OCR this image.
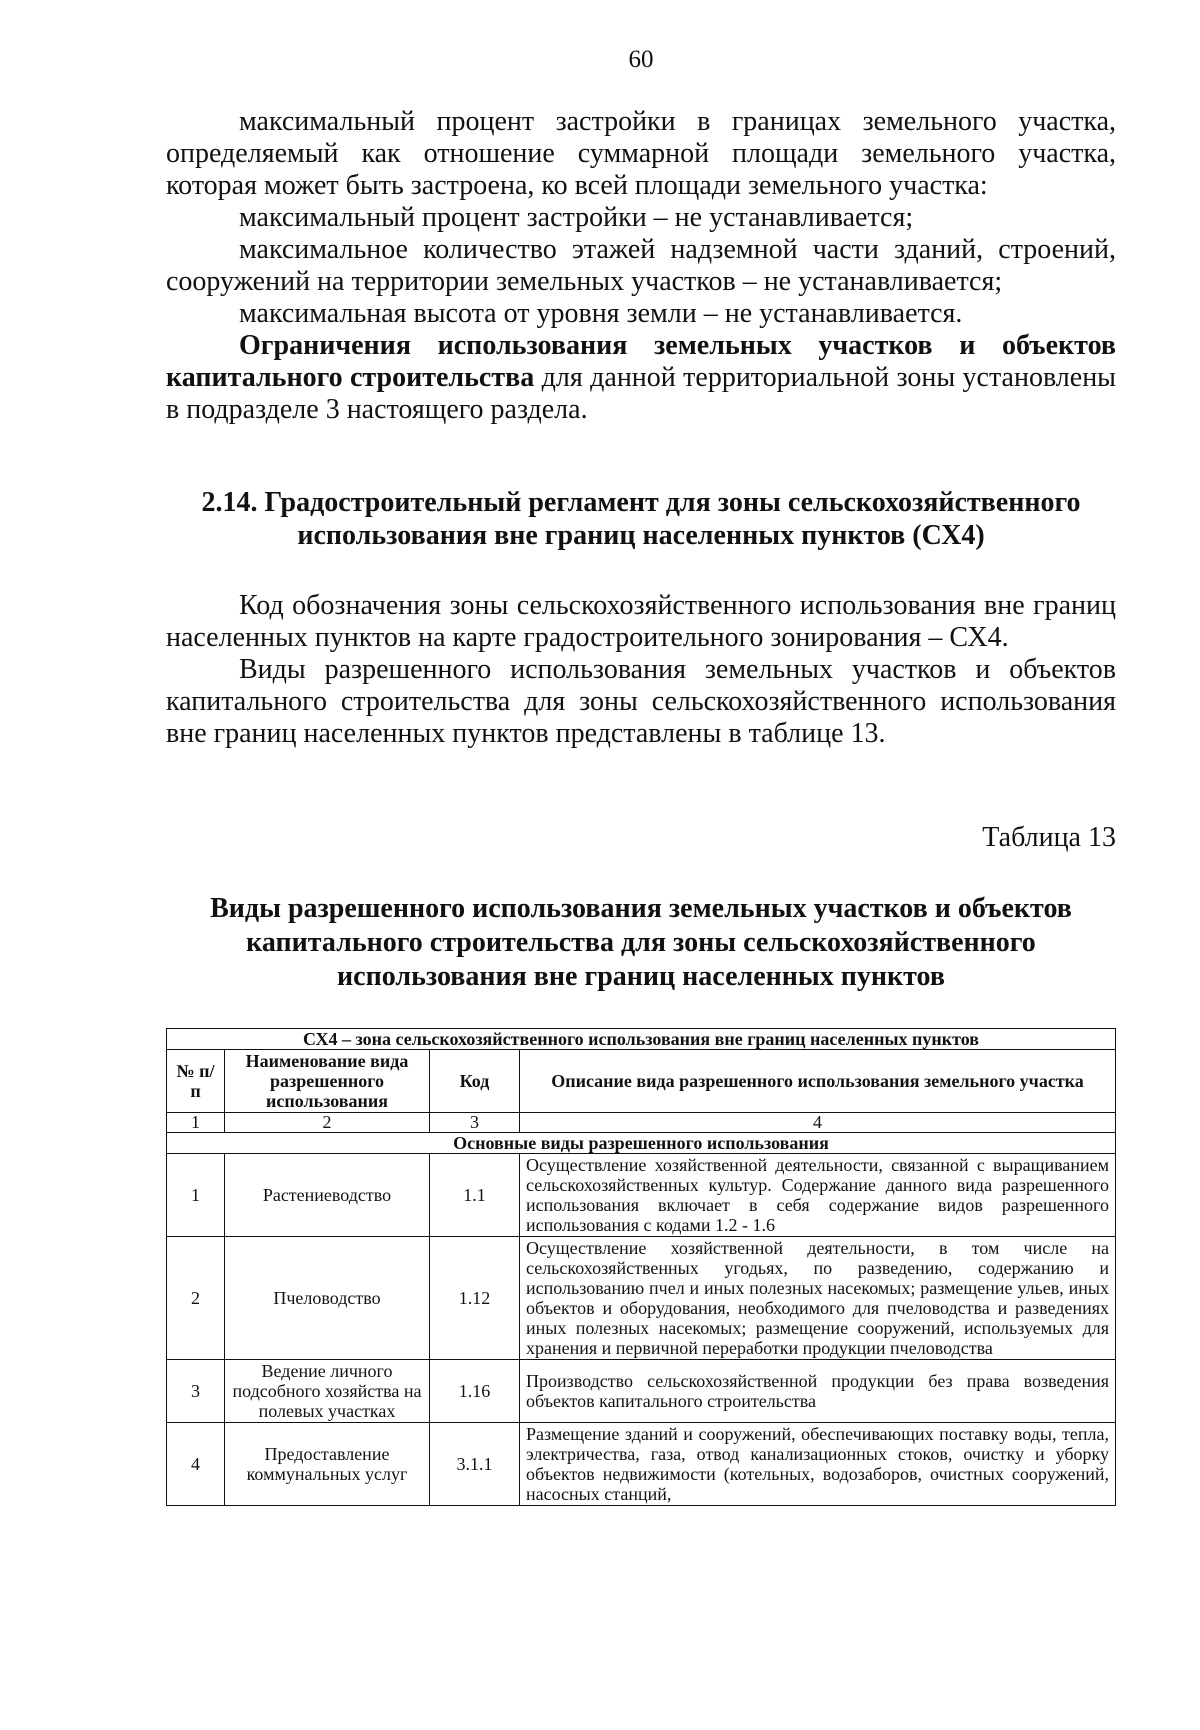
60

максимальный процент застройки в границах земельного участка, определяемый как отношение суммарной площади земельного участка, которая может быть застроена, ко всей площади земельного участка:

максимальный процент застройки – не устанавливается;

максимальное количество этажей надземной части зданий, строений, сооружений на территории земельных участков – не устанавливается;

максимальная высота от уровня земли – не устанавливается.

Ограничения использования земельных участков и объектов капитального строительства для данной территориальной зоны установлены в подразделе 3 настоящего раздела.

2.14. Градостроительный регламент для зоны сельскохозяйственного

использования вне границ населенных пунктов (СХ4)

Код обозначения зоны сельскохозяйственного использования вне границ населенных пунктов на карте градостроительного зонирования – СХ4.

Виды разрешенного использования земельных участков и объектов капитального строительства для зоны сельскохозяйственного использования вне границ населенных пунктов представлены в таблице 13.

Таблица 13

Виды разрешенного использования земельных участков и объектов

капитального строительства для зоны сельскохозяйственного

использования вне границ населенных пунктов

СХ4 – зона сельскохозяйственного использования вне границ населенных пунктов			
№ п/п	Наименование вида разрешенного использования	Код	Описание вида разрешенного использования земельного участка
1	2	3	4
Основные виды разрешенного использования			
1	Растениеводство	1.1	Осуществление хозяйственной деятельности, связанной с выращиванием сельскохозяйственных культур. Содержание данного вида разрешенного использования включает в себя содержание видов разрешенного использования с кодами 1.2 - 1.6
2	Пчеловодство	1.12	Осуществление хозяйственной деятельности, в том числе на сельскохозяйственных угодьях, по разведению, содержанию и использованию пчел и иных полезных насекомых; размещение ульев, иных объектов и оборудования, необходимого для пчеловодства и разведениях иных полезных насекомых; размещение сооружений, используемых для хранения и первичной переработки продукции пчеловодства
3	Ведение личного подсобного хозяйства на полевых участках	1.16	Производство сельскохозяйственной продукции без права возведения объектов капитального строительства
4	Предоставление коммунальных услуг	3.1.1	Размещение зданий и сооружений, обеспечивающих поставку воды, тепла, электричества, газа, отвод канализационных стоков, очистку и уборку объектов недвижимости (котельных, водозаборов, очистных сооружений, насосных станций,
